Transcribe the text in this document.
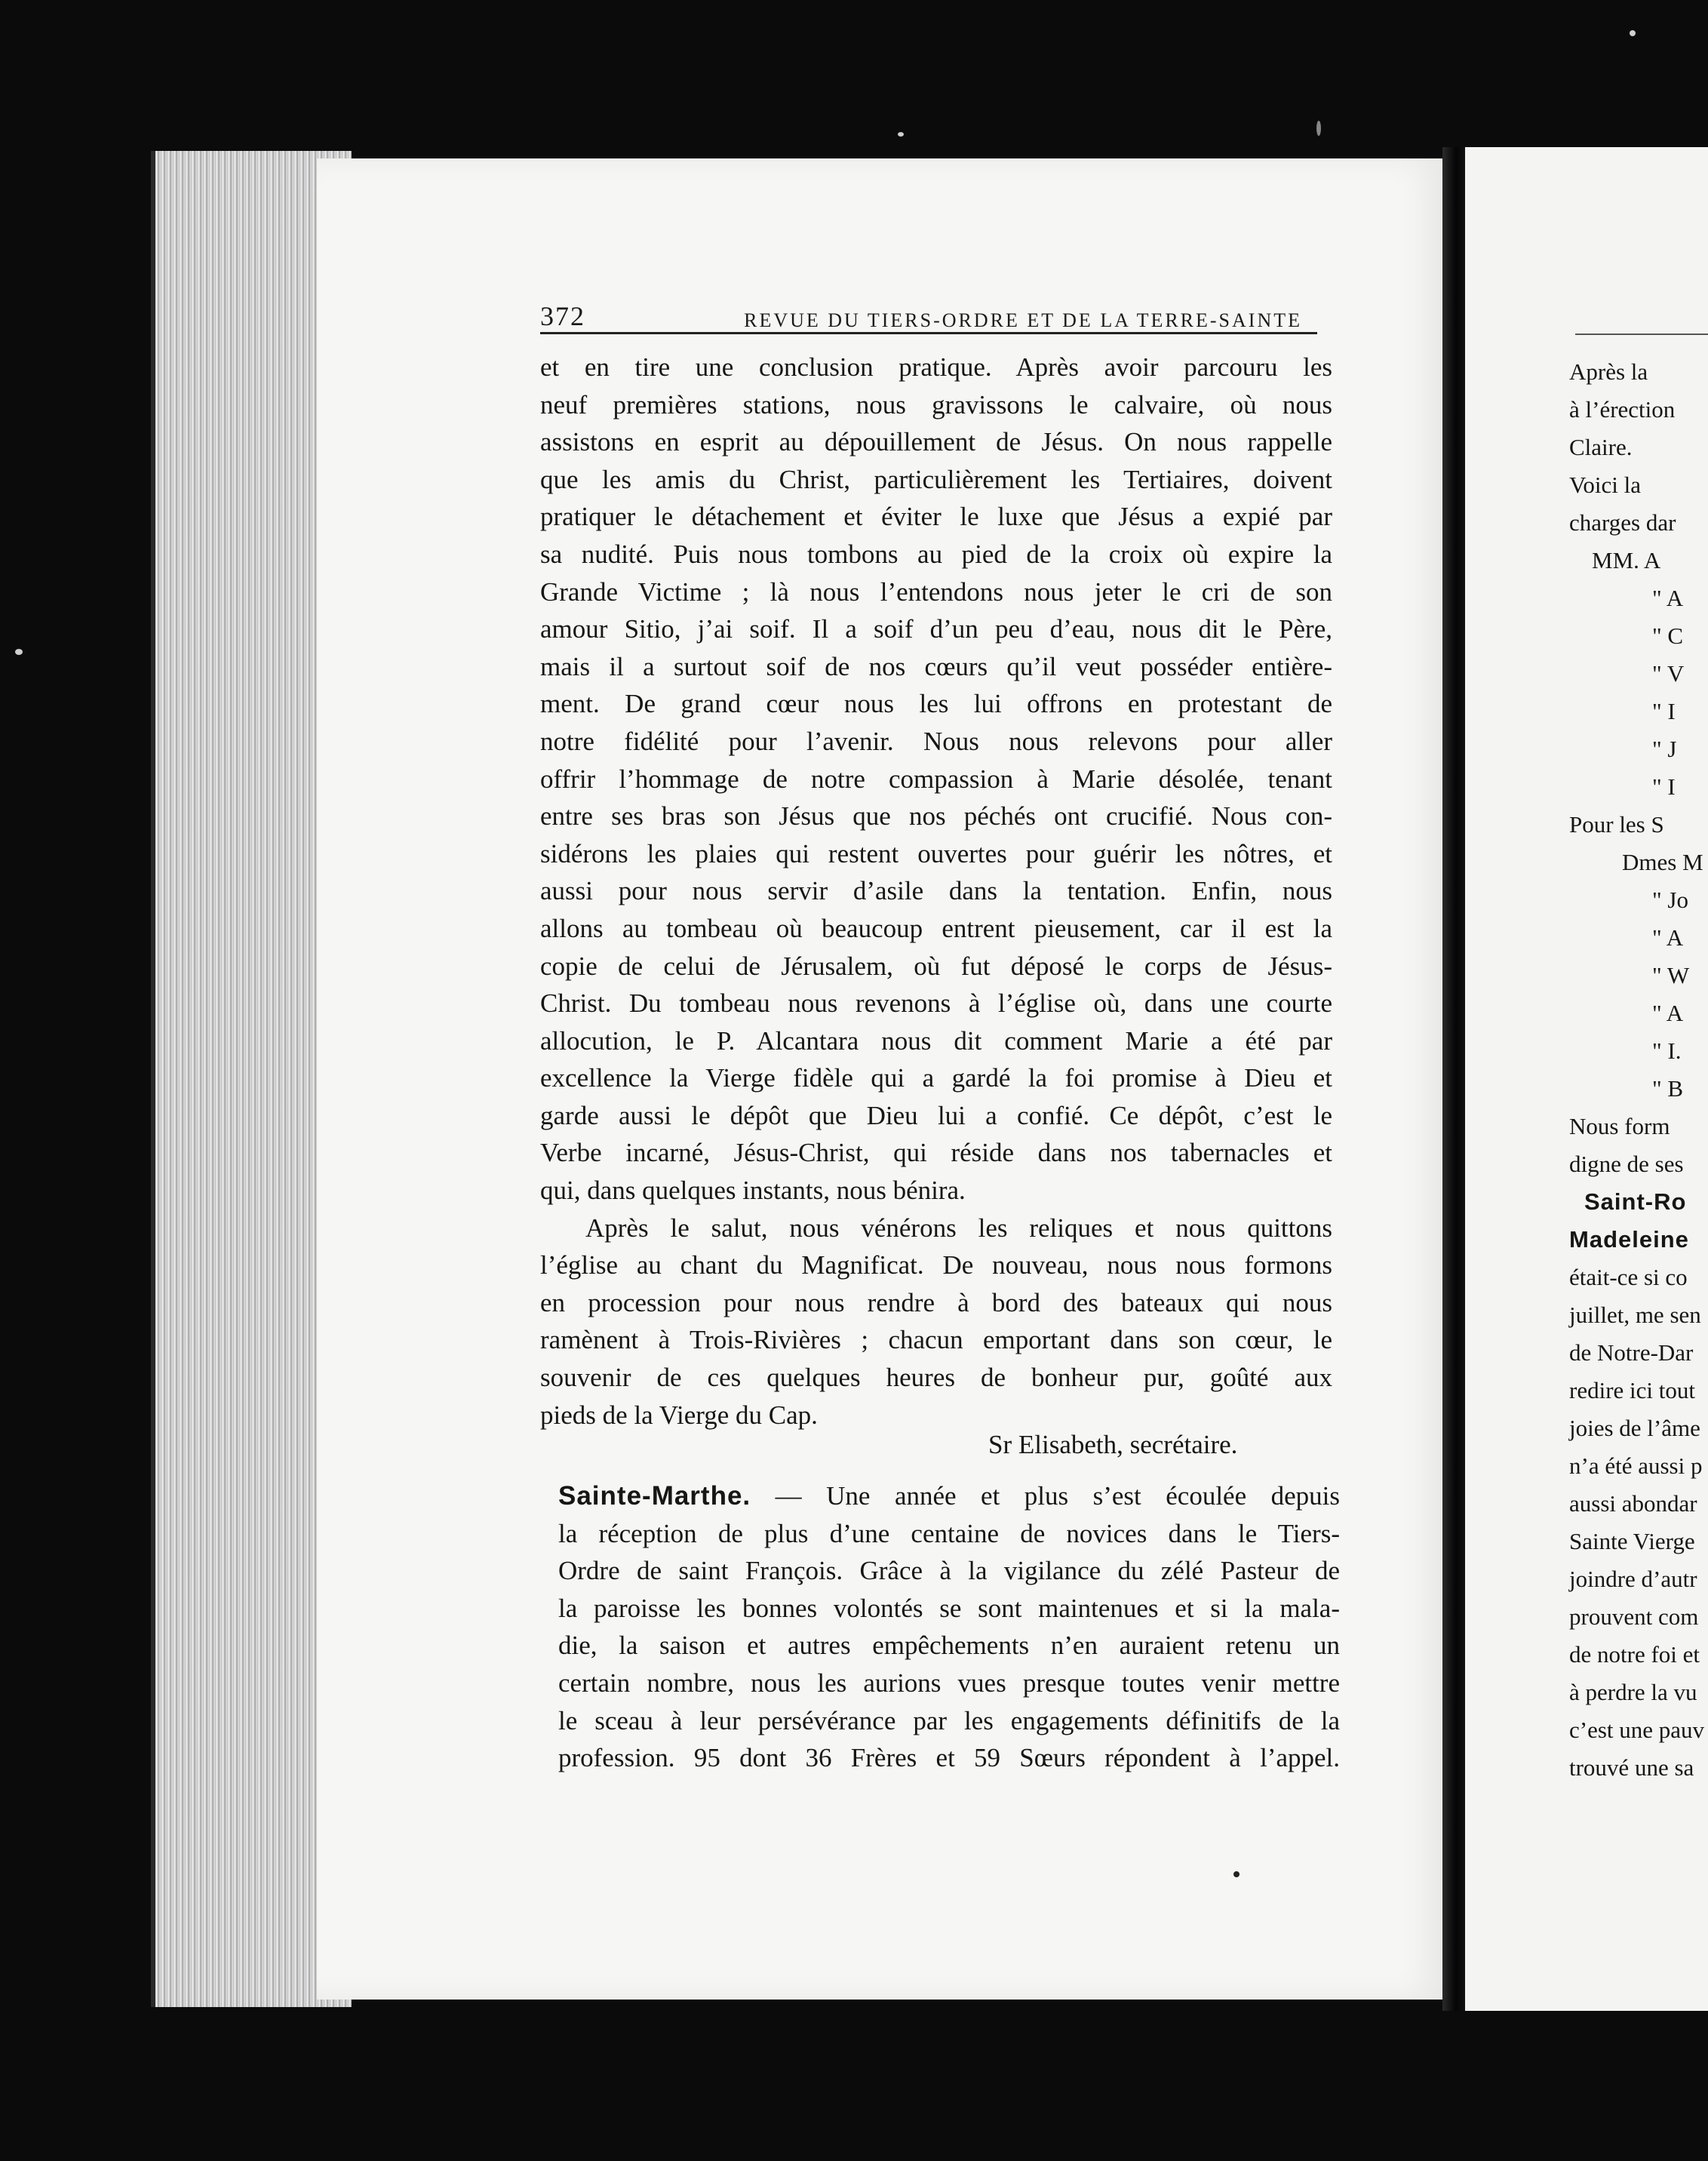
372	REVUE DU TIERS-ORDRE ET DE LA TERRE-SAINTE
et en tire une conclusion pratique. Après avoir parcouru les
neuf premières stations, nous gravissons le calvaire, où nous
assistons en esprit au dépouillement de Jésus. On nous rappelle
que les amis du Christ, particulièrement les Tertiaires, doivent
pratiquer le détachement et éviter le luxe que Jésus a expié par
sa nudité. Puis nous tombons au pied de la croix où expire la
Grande Victime ; là nous l’entendons nous jeter le cri de son
amour Sitio, j’ai soif. Il a soif d’un peu d’eau, nous dit le Père,
mais il a surtout soif de nos cœurs qu’il veut posséder entière-
ment. De grand cœur nous les lui offrons en protestant de
notre fidélité pour l’avenir. Nous nous relevons pour aller
offrir l’hommage de notre compassion à Marie désolée, tenant
entre ses bras son Jésus que nos péchés ont crucifié. Nous con-
sidérons les plaies qui restent ouvertes pour guérir les nôtres, et
aussi pour nous servir d’asile dans la tentation. Enfin, nous
allons au tombeau où beaucoup entrent pieusement, car il est la
copie de celui de Jérusalem, où fut déposé le corps de Jésus-
Christ. Du tombeau nous revenons à l’église où, dans une courte
allocution, le P. Alcantara nous dit comment Marie a été par
excellence la Vierge fidèle qui a gardé la foi promise à Dieu et
garde aussi le dépôt que Dieu lui a confié. Ce dépôt, c’est le
Verbe incarné, Jésus-Christ, qui réside dans nos tabernacles et
qui, dans quelques instants, nous bénira.
Après le salut, nous vénérons les reliques et nous quittons
l’église au chant du Magnificat. De nouveau, nous nous formons
en procession pour nous rendre à bord des bateaux qui nous
ramènent à Trois-Rivières ; chacun emportant dans son cœur, le
souvenir de ces quelques heures de bonheur pur, goûté aux
pieds de la Vierge du Cap.
Sr Elisabeth, secrétaire.
Sainte-Marthe. — Une année et plus s’est écoulée depuis
la réception de plus d’une centaine de novices dans le Tiers-
Ordre de saint François. Grâce à la vigilance du zélé Pasteur de
la paroisse les bonnes volontés se sont maintenues et si la mala-
die, la saison et autres empêchements n’en auraient retenu un
certain nombre, nous les aurions vues presque toutes venir mettre
le sceau à leur persévérance par les engagements définitifs de la
profession. 95 dont 36 Frères et 59 Sœurs répondent à l’appel.
Après la
à l’érection
Claire.
Voici la
charges dar
MM. A
" A
" C
" V
" I
" J
" I
Pour les S
Dmes M
" Jo
" A
" W
" A
" I.
" B
Nous form
digne de ses
Saint-Ro
Madeleine
était-ce si co
juillet, me sen
de Notre-Dar
redire ici tout
joies de l’âme
n’a été aussi p
aussi abondar
Sainte Vierge
joindre d’autr
prouvent com
de notre foi et
à perdre la vu
c’est une pauv
trouvé une sa
